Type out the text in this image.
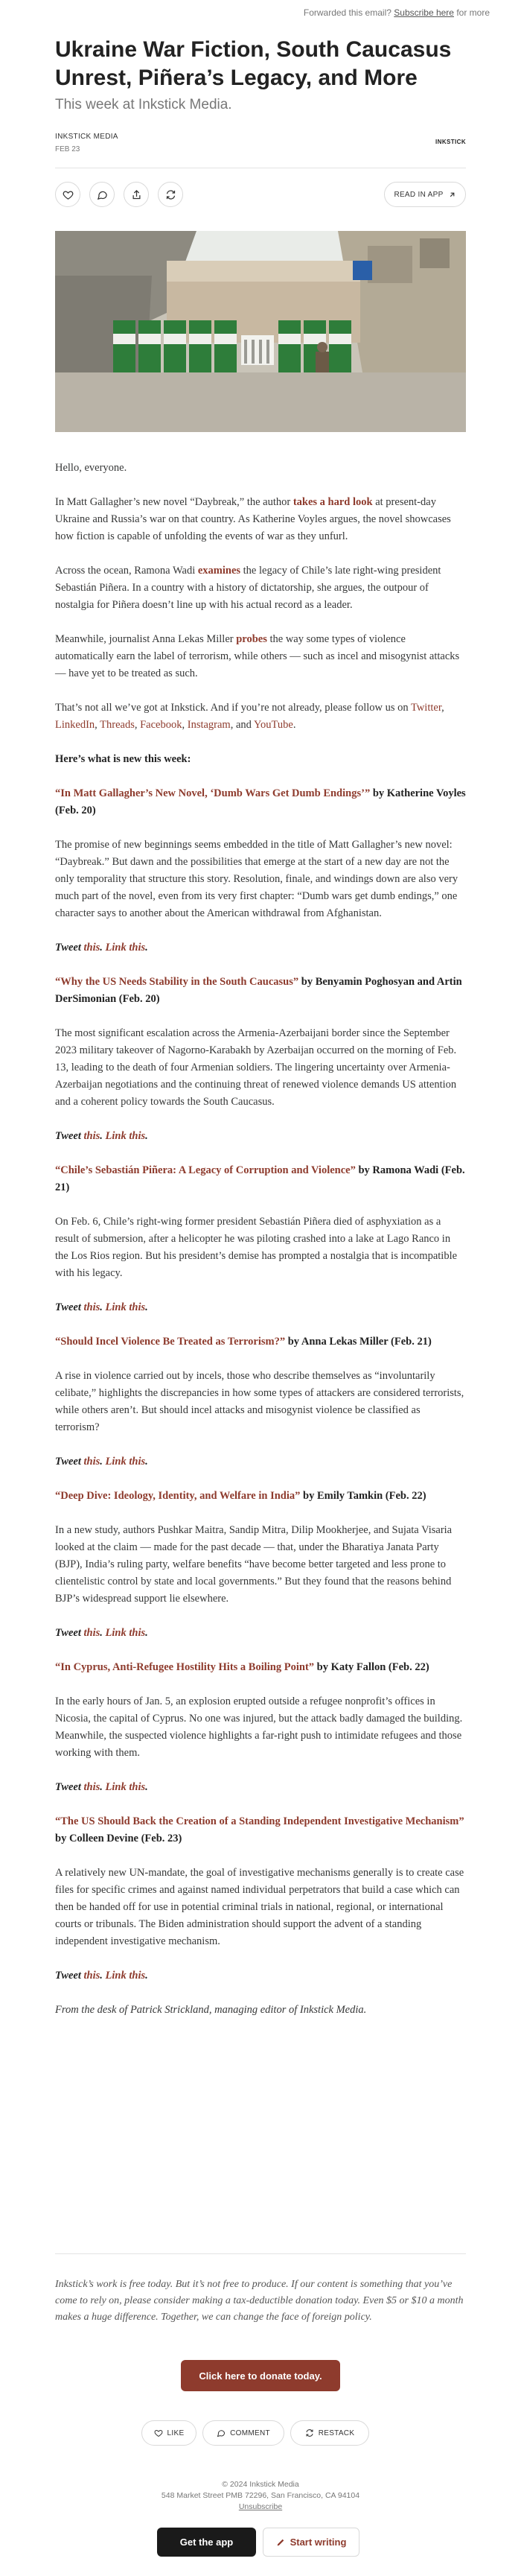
Forwarded this email? Subscribe here for more
Ukraine War Fiction, South Caucasus Unrest, Piñera’s Legacy, and More
This week at Inkstick Media.
INKSTICK MEDIA
FEB 23
INKSTICK
READ IN APP

Hello, everyone.

In Matt Gallagher’s new novel “Daybreak,” the author takes a hard look at present-day Ukraine and Russia’s war on that country. As Katherine Voyles argues, the novel showcases how fiction is capable of unfolding the events of war as they unfurl.

Across the ocean, Ramona Wadi examines the legacy of Chile’s late right-wing president Sebastián Piñera. In a country with a history of dictatorship, she argues, the outpour of nostalgia for Piñera doesn’t line up with his actual record as a leader.

Meanwhile, journalist Anna Lekas Miller probes the way some types of violence automatically earn the label of terrorism, while others — such as incel and misogynist attacks — have yet to be treated as such.

That’s not all we’ve got at Inkstick. And if you’re not already, please follow us on Twitter, LinkedIn, Threads, Facebook, Instagram, and YouTube.

Here’s what is new this week:

“In Matt Gallagher’s New Novel, ‘Dumb Wars Get Dumb Endings’” by Katherine Voyles (Feb. 20)

The promise of new beginnings seems embedded in the title of Matt Gallagher’s new novel: “Daybreak.” But dawn and the possibilities that emerge at the start of a new day are not the only temporality that structure this story. Resolution, finale, and windings down are also very much part of the novel, even from its very first chapter: “Dumb wars get dumb endings,” one character says to another about the American withdrawal from Afghanistan.

Tweet this. Link this.

“Why the US Needs Stability in the South Caucasus” by Benyamin Poghosyan and Artin DerSimonian (Feb. 20)

The most significant escalation across the Armenia-Azerbaijani border since the September 2023 military takeover of Nagorno-Karabakh by Azerbaijan occurred on the morning of Feb. 13, leading to the death of four Armenian soldiers. The lingering uncertainty over Armenia-Azerbaijan negotiations and the continuing threat of renewed violence demands US attention and a coherent policy towards the South Caucasus.

Tweet this. Link this.

“Chile’s Sebastián Piñera: A Legacy of Corruption and Violence” by Ramona Wadi (Feb. 21)

On Feb. 6, Chile’s right-wing former president Sebastián Piñera died of asphyxiation as a result of submersion, after a helicopter he was piloting crashed into a lake at Lago Ranco in the Los Rios region. But his president’s demise has prompted a nostalgia that is incompatible with his legacy.

Tweet this. Link this.

“Should Incel Violence Be Treated as Terrorism?” by Anna Lekas Miller (Feb. 21)

A rise in violence carried out by incels, those who describe themselves as “involuntarily celibate,” highlights the discrepancies in how some types of attackers are considered terrorists, while others aren’t. But should incel attacks and misogynist violence be classified as terrorism?

Tweet this. Link this.

“Deep Dive: Ideology, Identity, and Welfare in India” by Emily Tamkin (Feb. 22)

In a new study, authors Pushkar Maitra, Sandip Mitra, Dilip Mookherjee, and Sujata Visaria looked at the claim — made for the past decade — that, under the Bharatiya Janata Party (BJP), India’s ruling party, welfare benefits “have become better targeted and less prone to clientelistic control by state and local governments.” But they found that the reasons behind BJP’s widespread support lie elsewhere.

Tweet this. Link this.

“In Cyprus, Anti-Refugee Hostility Hits a Boiling Point” by Katy Fallon (Feb. 22)

In the early hours of Jan. 5, an explosion erupted outside a refugee nonprofit’s offices in Nicosia, the capital of Cyprus. No one was injured, but the attack badly damaged the building. Meanwhile, the suspected violence highlights a far-right push to intimidate refugees and those working with them.

Tweet this. Link this.

“The US Should Back the Creation of a Standing Independent Investigative Mechanism” by Colleen Devine (Feb. 23)

A relatively new UN-mandate, the goal of investigative mechanisms generally is to create case files for specific crimes and against named individual perpetrators that build a case which can then be handed off for use in potential criminal trials in national, regional, or international courts or tribunals. The Biden administration should support the advent of a standing independent investigative mechanism.

Tweet this. Link this.

From the desk of Patrick Strickland, managing editor of Inkstick Media.

Inkstick’s work is free today. But it’s not free to produce. If our content is something that you’ve come to rely on, please consider making a tax-deductible donation today. Even $5 or $10 a month makes a huge difference. Together, we can change the face of foreign policy.
Click here to donate today.
LIKE	COMMENT	RESTACK
© 2024 Inkstick Media
548 Market Street PMB 72296, San Francisco, CA 94104
Unsubscribe
Get the app	Start writing
